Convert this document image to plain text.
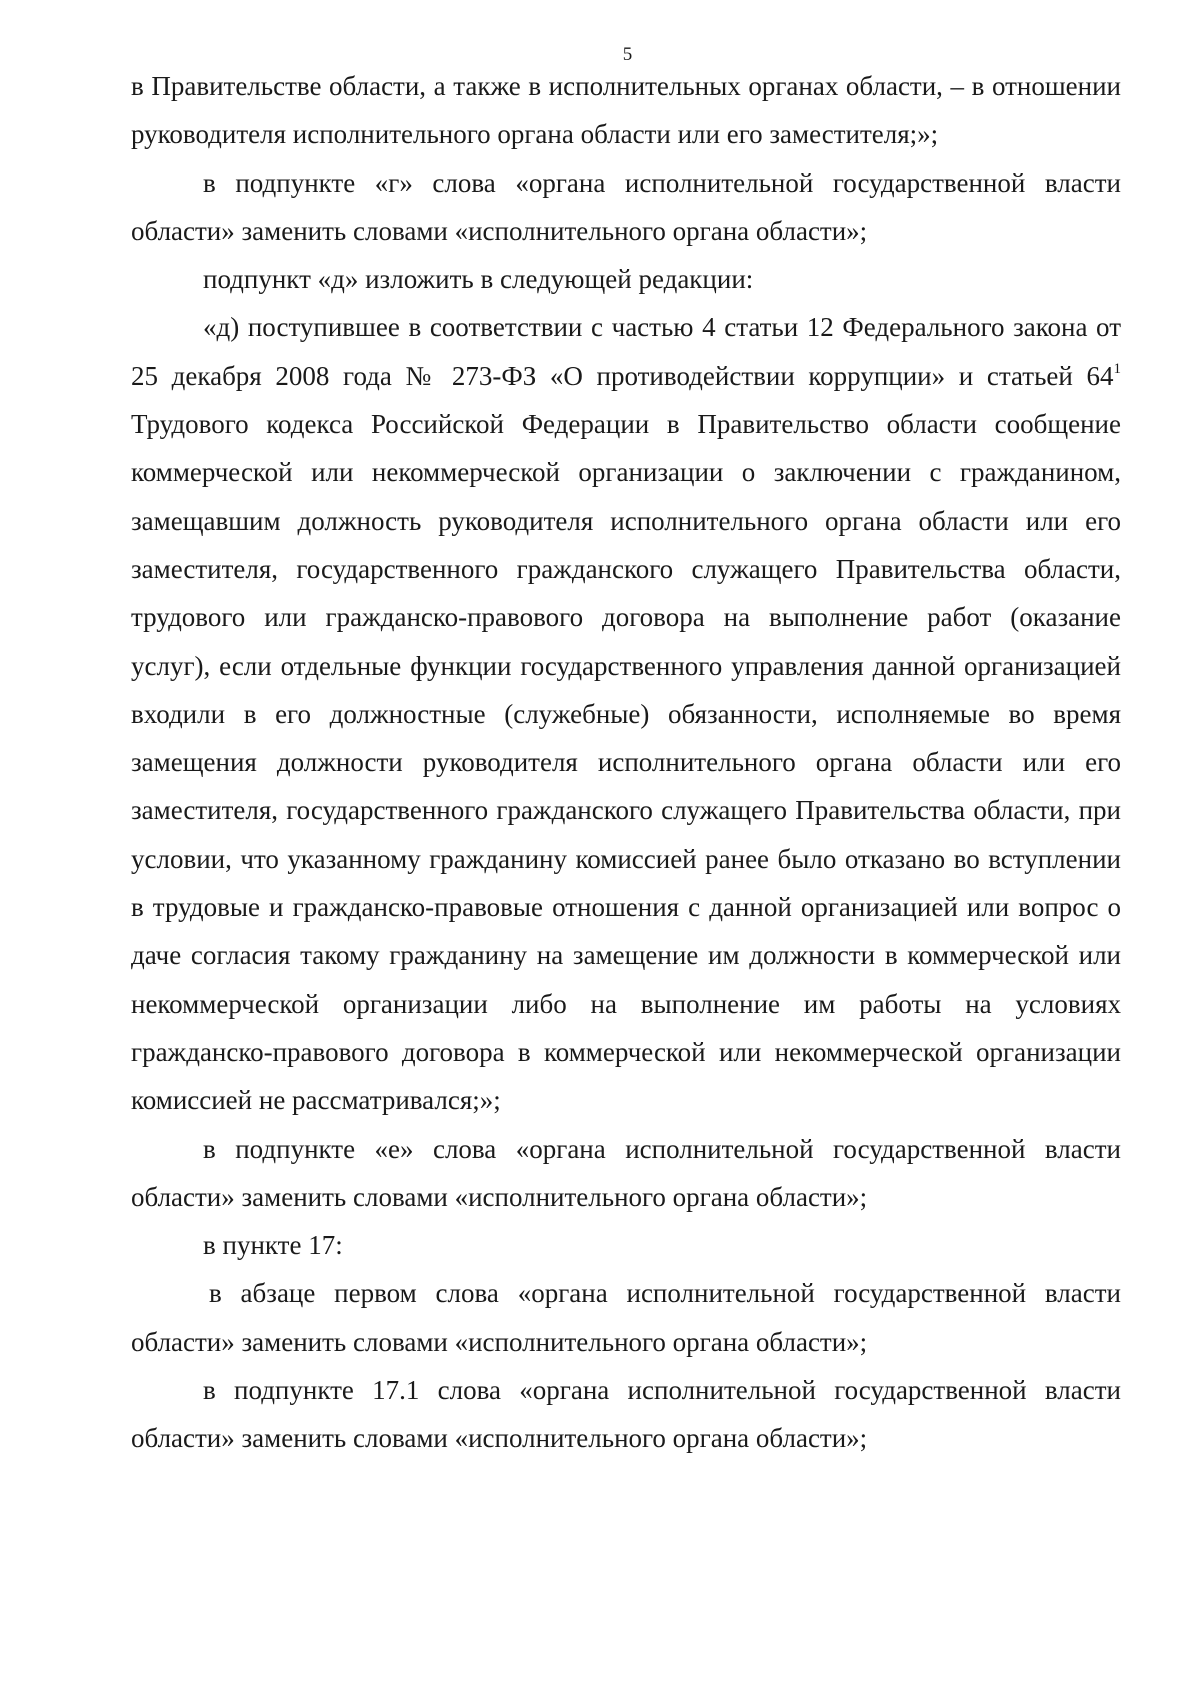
5

в Правительстве области, а также в исполнительных органах области, – в отношении руководителя исполнительного органа области или его заместителя;»;

в подпункте «г» слова «органа исполнительной государственной власти области» заменить словами «исполнительного органа области»;

подпункт «д» изложить в следующей редакции:

«д) поступившее в соответствии с частью 4 статьи 12 Федерального закона от 25 декабря 2008 года № 273-ФЗ «О противодействии коррупции» и статьей $64^1$ Трудового кодекса Российской Федерации в Правительство области сообщение коммерческой или некоммерческой организации о заключении с гражданином, замещавшим должность руководителя исполнительного органа области или его заместителя, государственного гражданского служащего Правительства области, трудового или гражданско-правового договора на выполнение работ (оказание услуг), если отдельные функции государственного управления данной организацией входили в его должностные (служебные) обязанности, исполняемые во время замещения должности руководителя исполнительного органа области или его заместителя, государственного гражданского служащего Правительства области, при условии, что указанному гражданину комиссией ранее было отказано во вступлении в трудовые и гражданско-правовые отношения с данной организацией или вопрос о даче согласия такому гражданину на замещение им должности в коммерческой или некоммерческой организации либо на выполнение им работы на условиях гражданско-правового договора в коммерческой или некоммерческой организации комиссией не рассматривался;»;

в подпункте «е» слова «органа исполнительной государственной власти области» заменить словами «исполнительного органа области»;

в пункте 17:

в абзаце первом слова «органа исполнительной государственной власти области» заменить словами «исполнительного органа области»;

в подпункте 17.1 слова «органа исполнительной государственной власти области» заменить словами «исполнительного органа области»;
